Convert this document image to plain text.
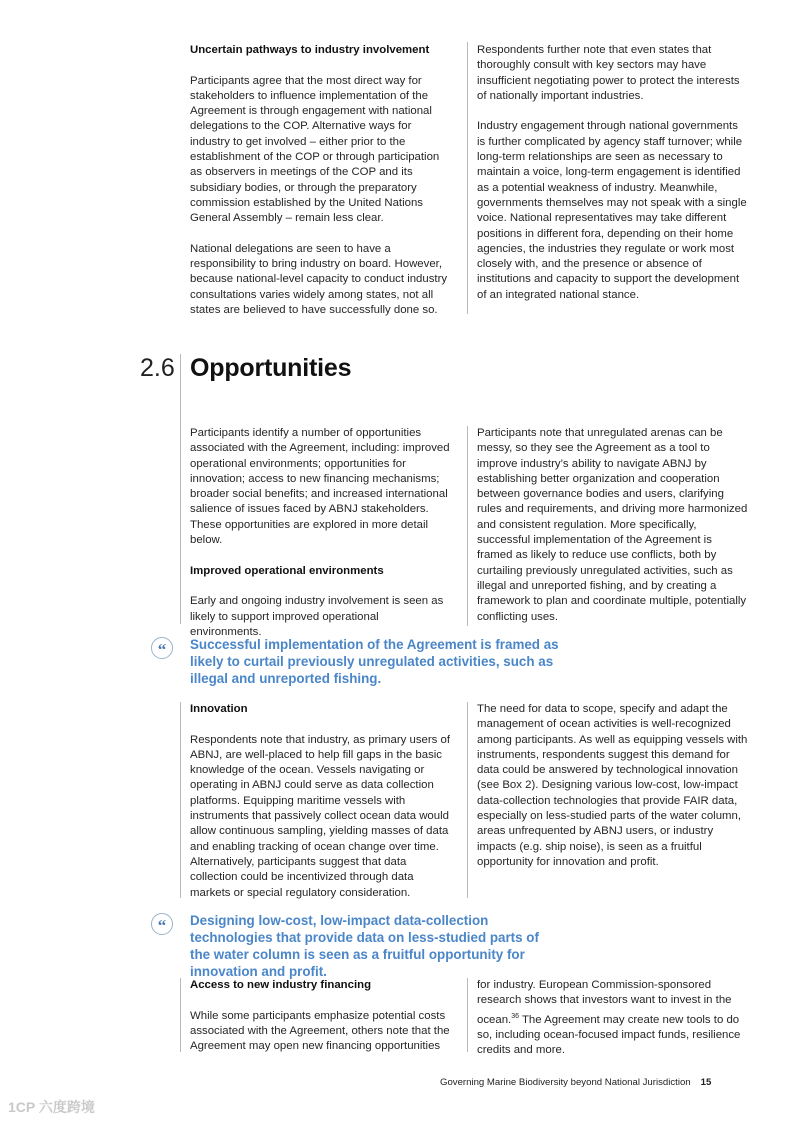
Uncertain pathways to industry involvement

Participants agree that the most direct way for stakeholders to influence implementation of the Agreement is through engagement with national delegations to the COP. Alternative ways for industry to get involved – either prior to the establishment of the COP or through participation as observers in meetings of the COP and its subsidiary bodies, or through the preparatory commission established by the United Nations General Assembly – remain less clear.

National delegations are seen to have a responsibility to bring industry on board. However, because national-level capacity to conduct industry consultations varies widely among states, not all states are believed to have successfully done so.

Respondents further note that even states that thoroughly consult with key sectors may have insufficient negotiating power to protect the interests of nationally important industries.

Industry engagement through national governments is further complicated by agency staff turnover; while long-term relationships are seen as necessary to maintain a voice, long-term engagement is identified as a potential weakness of industry. Meanwhile, governments themselves may not speak with a single voice. National representatives may take different positions in different fora, depending on their home agencies, the industries they regulate or work most closely with, and the presence or absence of institutions and capacity to support the development of an integrated national stance.

2.6 Opportunities

Participants identify a number of opportunities associated with the Agreement, including: improved operational environments; opportunities for innovation; access to new financing mechanisms; broader social benefits; and increased international salience of issues faced by ABNJ stakeholders. These opportunities are explored in more detail below.

Improved operational environments

Early and ongoing industry involvement is seen as likely to support improved operational environments.

Participants note that unregulated arenas can be messy, so they see the Agreement as a tool to improve industry’s ability to navigate ABNJ by establishing better organization and cooperation between governance bodies and users, clarifying rules and requirements, and driving more harmonized and consistent regulation. More specifically, successful implementation of the Agreement is framed as likely to reduce use conflicts, both by curtailing previously unregulated activities, such as illegal and unreported fishing, and by creating a framework to plan and coordinate multiple, potentially conflicting uses.

“	Successful implementation of the Agreement is framed as likely to curtail previously unregulated activities, such as illegal and unreported fishing.
Innovation

Respondents note that industry, as primary users of ABNJ, are well-placed to help fill gaps in the basic knowledge of the ocean. Vessels navigating or operating in ABNJ could serve as data collection platforms. Equipping maritime vessels with instruments that passively collect ocean data would allow continuous sampling, yielding masses of data and enabling tracking of ocean change over time. Alternatively, participants suggest that data collection could be incentivized through data markets or special regulatory consideration.

The need for data to scope, specify and adapt the management of ocean activities is well-recognized among participants. As well as equipping vessels with instruments, respondents suggest this demand for data could be answered by technological innovation (see Box 2). Designing various low-cost, low-impact data-collection technologies that provide FAIR data, especially on less-studied parts of the water column, areas unfrequented by ABNJ users, or industry impacts (e.g. ship noise), is seen as a fruitful opportunity for innovation and profit.

“	Designing low-cost, low-impact data-collection technologies that provide data on less-studied parts of the water column is seen as a fruitful opportunity for innovation and profit.
Access to new industry financing

While some participants emphasize potential costs associated with the Agreement, others note that the Agreement may open new financing opportunities

for industry. European Commission-sponsored research shows that investors want to invest in the ocean.$^{36}$ The Agreement may create new tools to do so, including ocean-focused impact funds, resilience credits and more.

Governing Marine Biodiversity beyond National Jurisdiction 15
1CP 六度跨境
